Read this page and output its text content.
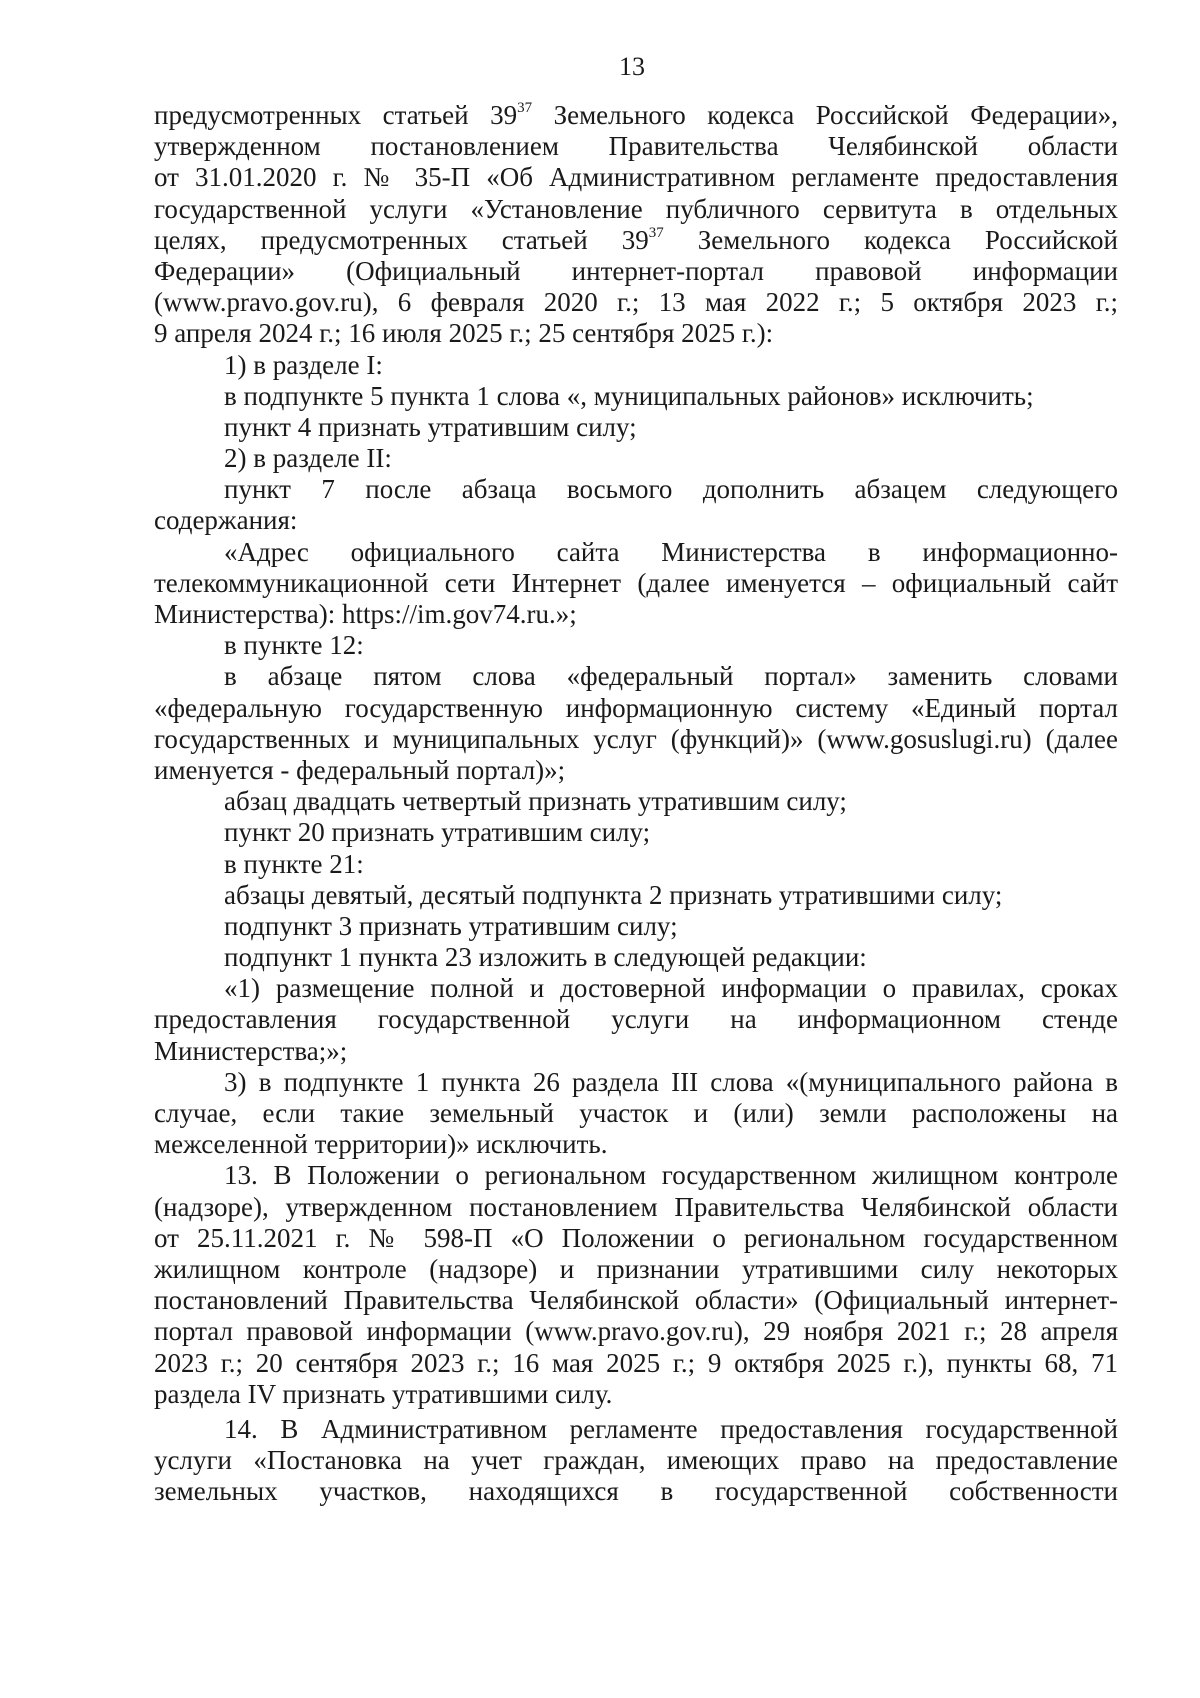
13
предусмотренных статьей $39^{37}$ Земельного кодекса Российской Федерации»,
утвержденном постановлением Правительства Челябинской области
от 31.01.2020 г. № 35-П «Об Административном регламенте предоставления
государственной услуги «Установление публичного сервитута в отдельных
целях, предусмотренных статьей $39^{37}$ Земельного кодекса Российской
Федерации» (Официальный интернет-портал правовой информации
(www.pravo.gov.ru), 6 февраля 2020 г.; 13 мая 2022 г.; 5 октября 2023 г.;
9 апреля 2024 г.; 16 июля 2025 г.; 25 сентября 2025 г.):
1) в разделе I:
в подпункте 5 пункта 1 слова «, муниципальных районов» исключить;
пункт 4 признать утратившим силу;
2) в разделе II:
пункт 7 после абзаца восьмого дополнить абзацем следующего
содержания:
«Адрес официального сайта Министерства в информационно-
телекоммуникационной сети Интернет (далее именуется – официальный сайт
Министерства): https://im.gov74.ru.»;
в пункте 12:
в абзаце пятом слова «федеральный портал» заменить словами
«федеральную государственную информационную систему «Единый портал
государственных и муниципальных услуг (функций)» (www.gosuslugi.ru) (далее
именуется - федеральный портал)»;
абзац двадцать четвертый признать утратившим силу;
пункт 20 признать утратившим силу;
в пункте 21:
абзацы девятый, десятый подпункта 2 признать утратившими силу;
подпункт 3 признать утратившим силу;
подпункт 1 пункта 23 изложить в следующей редакции:
«1) размещение полной и достоверной информации о правилах, сроках
предоставления государственной услуги на информационном стенде
Министерства;»;
3) в подпункте 1 пункта 26 раздела III слова «(муниципального района в
случае, если такие земельный участок и (или) земли расположены на
межселенной территории)» исключить.
13. В Положении о региональном государственном жилищном контроле
(надзоре), утвержденном постановлением Правительства Челябинской области
от 25.11.2021 г. № 598-П «О Положении о региональном государственном
жилищном контроле (надзоре) и признании утратившими силу некоторых
постановлений Правительства Челябинской области» (Официальный интернет-
портал правовой информации (www.pravo.gov.ru), 29 ноября 2021 г.; 28 апреля
2023 г.; 20 сентября 2023 г.; 16 мая 2025 г.; 9 октября 2025 г.), пункты 68, 71
раздела IV признать утратившими силу.
14. В Административном регламенте предоставления государственной
услуги «Постановка на учет граждан, имеющих право на предоставление
земельных участков, находящихся в государственной собственности
